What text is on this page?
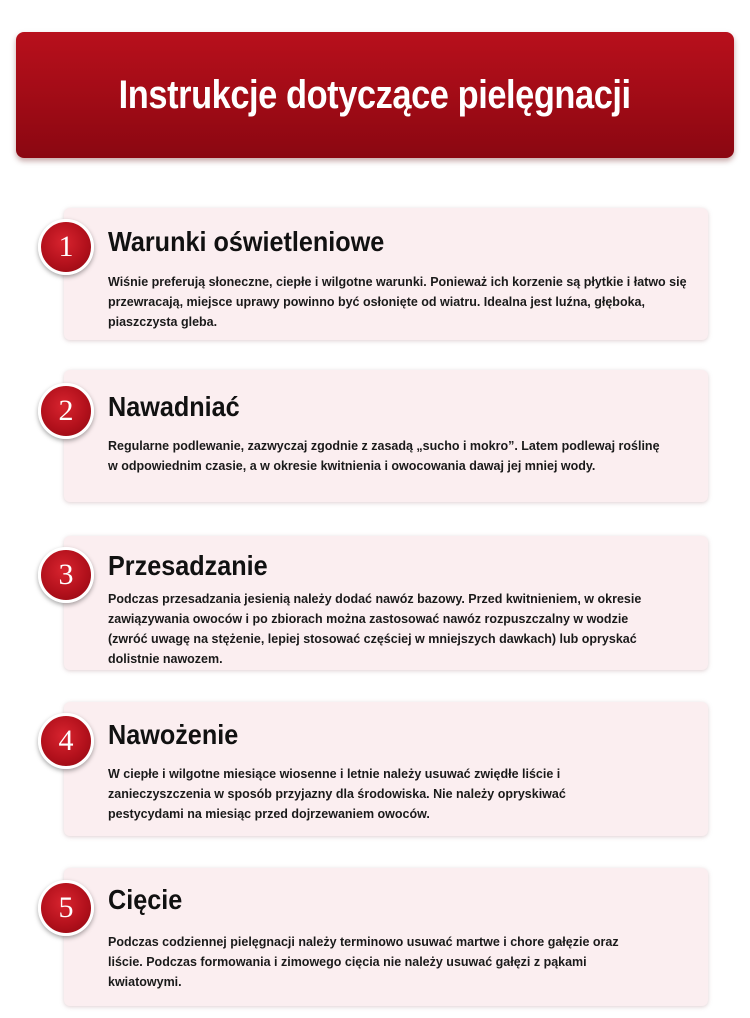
Instrukcje dotyczące pielęgnacji
1 Warunki oświetleniowe
Wiśnie preferują słoneczne, ciepłe i wilgotne warunki. Ponieważ ich korzenie są płytkie i łatwo się przewracają, miejsce uprawy powinno być osłonięte od wiatru. Idealna jest luźna, głęboka, piaszczysta gleba.
2 Nawadniać
Regularne podlewanie, zazwyczaj zgodnie z zasadą „sucho i mokro”. Latem podlewaj roślinę w odpowiednim czasie, a w okresie kwitnienia i owocowania dawaj jej mniej wody.
3 Przesadzanie
Podczas przesadzania jesienią należy dodać nawóz bazowy. Przed kwitnieniem, w okresie zawiązywania owoców i po zbiorach można zastosować nawóz rozpuszczalny w wodzie (zwróć uwagę na stężenie, lepiej stosować częściej w mniejszych dawkach) lub opryskać dolistnie nawozem.
4 Nawożenie
W ciepłe i wilgotne miesiące wiosenne i letnie należy usuwać zwiędłe liście i zanieczyszczenia w sposób przyjazny dla środowiska. Nie należy opryskiwać pestycydami na miesiąc przed dojrzewaniem owoców.
5 Cięcie
Podczas codziennej pielęgnacji należy terminowo usuwać martwe i chore gałęzie oraz liście. Podczas formowania i zimowego cięcia nie należy usuwać gałęzi z pąkami kwiatowymi.
